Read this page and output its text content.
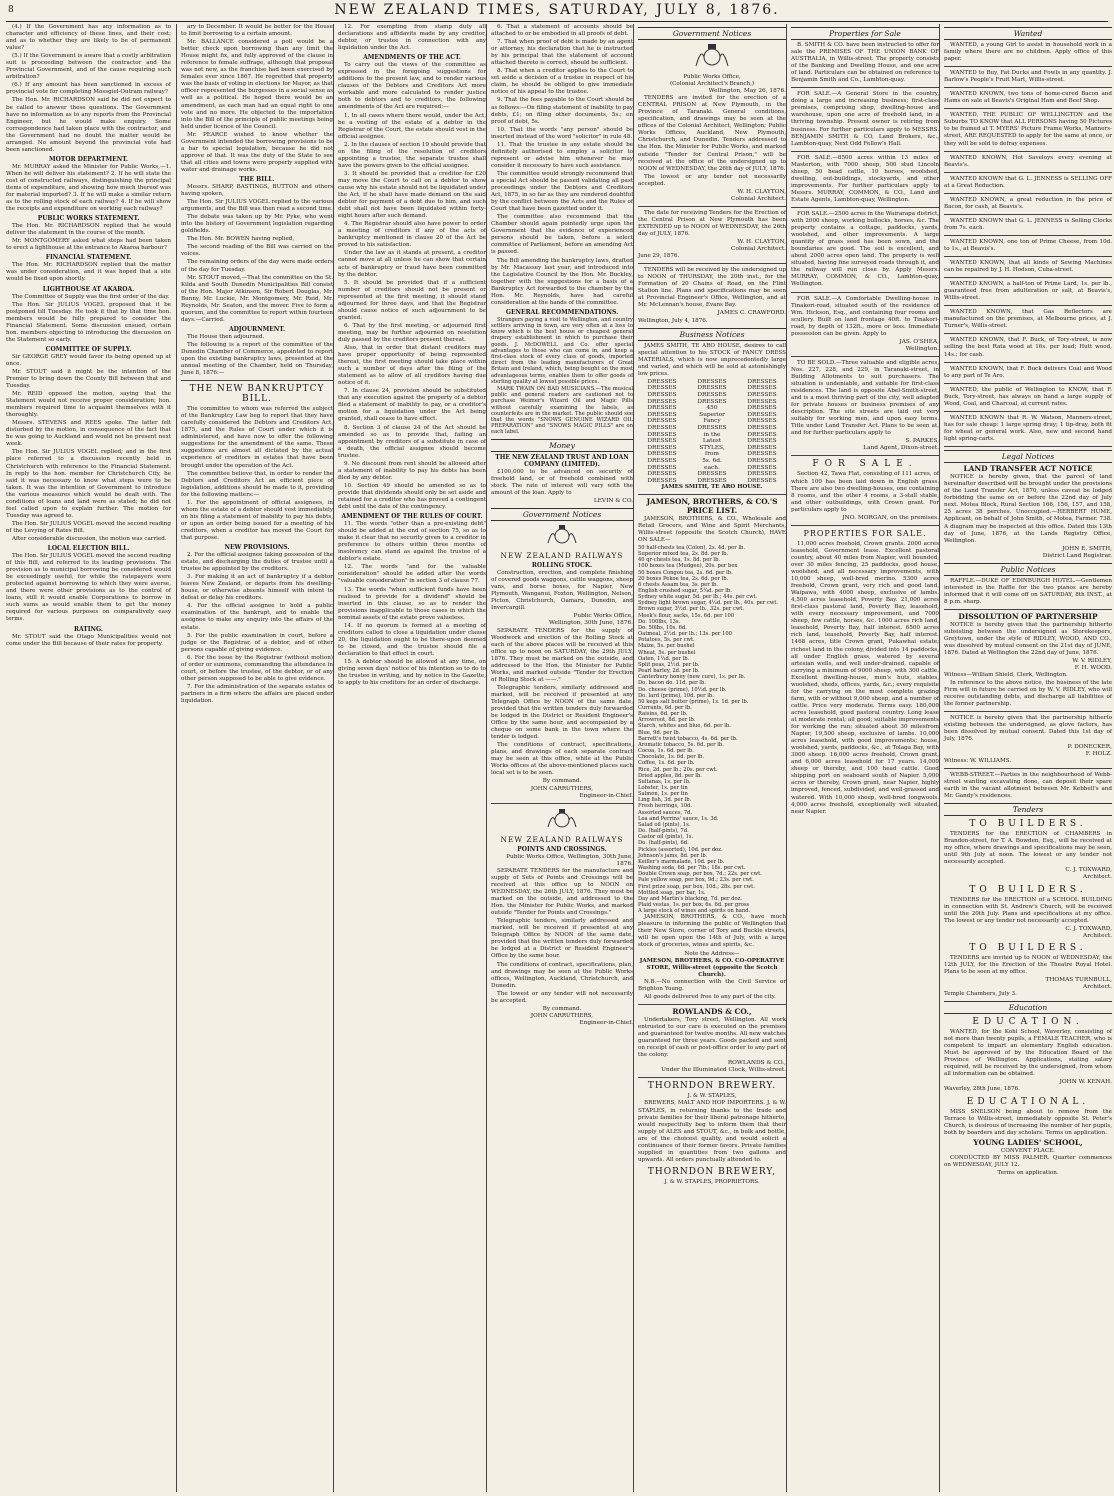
8	NEW ZEALAND TIMES, SATURDAY, JULY 8, 1876.

(4.) If the Government has any information as to character and efficiency of these lines, and their cost; and as to whether they are likely to be of permanent value?

(5.) If the Government is aware that a costly arbitration suit is proceeding between the contractor and the Provincial Government, and of the cause requiring such arbitration?

(6.) If any amount has been sanctioned in excess of provincial vote for completing Mossgiel-Outram railway?

The Hon. Mr. RICHARDSON said he did not expect to be called to answer these questions. The Government have no information as to any reports from the Provincial Engineer, but he would make enquiry. Some correspondence had taken place with the contractor, and the Government had no doubt the matter would be arranged. No amount beyond the provincial vote had been sanctioned.

MOTOR DEPARTMENT.

Mr. MURRAY asked the Minister for Public Works,—1. When he will deliver his statement? 2. If he will state the cost of constructed railways, distinguishing the principal items of expenditure, and showing how much thereof was for material imported? 3. If he will make a similar return as to the rolling stock of each railway? 4. If he will show the receipts and expenditure on working each railway?

PUBLIC WORKS STATEMENT.

The Hon. Mr. RICHARDSON replied that he would deliver the statement in the course of the month.

Mr. MONTGOMERY asked what steps had been taken to erect a lighthouse at the entrance to Akaroa harbour?

FINANCIAL STATEMENT.

The Hon. Mr. RICHARDSON replied that the matter was under consideration, and it was hoped that a site would be fixed upon shortly.

LIGHTHOUSE AT AKAROA.

The Committee of Supply was the first order of the day.

The Hon. Sir JULIUS VOGEL proposed that it be postponed till Tuesday. He took it that by that time hon. members would be fully prepared to consider the Financial Statement. Some discussion ensued, certain hon. members objecting to introducing the discussion on the Statement so early.

COMMITTEE OF SUPPLY.

Sir GEORGE GREY would favor its being opened up at once.

Mr. STOUT said it might be the intention of the Premier to bring down the County Bill between that and Tuesday.

Mr. REID opposed the motion, saying that the Statement would not receive proper consideration; hon. members required time to acquaint themselves with it thoroughly.

Messrs. STEVENS and REES spoke. The latter felt disturbed by the motion, in consequence of the fact that he was going to Auckland and would not be present next week.

The Hon. Sir JULIUS VOGEL replied; and in the first place referred to a discussion recently held in Christchurch with reference to the Financial Statement. In reply to the hon. member for Christchurch City, he said it was necessary to know what steps were to be taken. It was the intention of Government to introduce the various measures which would be dealt with. The conditions of loans and land were as stated; he did not feel called upon to explain further. The motion for Tuesday was agreed to.

The Hon. Sir JULIUS VOGEL moved the second reading of the Levying of Rates Bill.

After considerable discussion, the motion was carried.

LOCAL ELECTION BILL.

The Hon. Sir JULIUS VOGEL moved the second reading of this Bill, and referred to its leading provisions. The provision as to municipal borrowing be considered would be exceedingly useful, for while the ratepayers were protected against borrowing to which they were averse, and there were other provisions as to the control of loans, still it would enable Corporations to borrow in such sums as would enable them to get the money required for various purposes on comparatively easy terms.

RATING.

Mr. STOUT said the Otago Municipalities would not come under the Bill because of their rates for property.

ary to December. It would be better for the House to limit borrowing to a certain amount.

Mr. BALLANCE considered a poll would be a better check upon borrowing than any limit the House might fix, and fully approved of the clause in reference to female suffrage, although that proposal was not new, as the franchise had been exercised by females ever since 1867. He regretted that property was the basis of voting in elections for Mayor, as that officer represented the burgesses in a social sense as well as a political. He hoped there would be an amendment, as each man had an equal right to one vote and no more. He objected to the importation into the Bill of the principle of public meetings being held under licence of the Council.

Mr. PEARCE wished to know whether the Government intended the borrowing provisions to be a bar to special legislation, because he did not approve of that. It was the duty of the State to see that all cities and towns were properly supplied with water and drainage works.

THE BILL.

Messrs. SHARP, BASTINGS, BUTTON and others having spoken,

The Hon. Sir JULIUS VOGEL replied to the various arguments, and the Bill was then read a second time.

The debate was taken up by Mr. Pyke, who went into the history of Government legislation regarding goldfields.

The Hon. Mr. BOWEN having replied,

The second reading of the Bill was carried on the voices.

The remaining orders of the day were made orders of the day for Tuesday.

Mr. STOUT moved,—That the committee on the St. Kilda and South Dunedin Municipalities Bill consist of the Hon. Major Atkinson, Sir Robert Douglas, Mr. Bunny, Mr. Luckie, Mr. Montgomery, Mr. Reid, Mr. Reynolds, Mr. Seaton, and the mover. Five to form a quorum, and the committee to report within fourteen days.—Carried.

ADJOURNMENT.

The House then adjourned.

The following is a report of the committee of the Dunedin Chamber of Commerce, appointed to report upon the existing bankruptcy laws, presented at the annual meeting of the Chamber, held on Thursday, June 8, 1876:—

THE NEW BANKRUPTCY BILL.

The committee to whom was referred the subject of the Bankruptcy Law beg to report that they have carefully considered the Debtors and Creditors Act, 1875, and the Rules of Court under which it is administered, and have now to offer the following suggestions for the amendment of the same. These suggestions are almost all dictated by the actual experience of creditors in estates that have been brought under the operation of the Act.

The committee believe that, in order to render the Debtors and Creditors Act an efficient piece of legislation, additions should be made to it, providing for the following matters:—

1. For the appointment of official assignees, in whom the estate of a debtor should vest immediately on his filing a statement of inability to pay his debts, or upon an order being issued for a meeting of his creditors, when a creditor has moved the Court for that purpose.

NEW PROVISIONS.

2. For the official assignee taking possession of the estate, and discharging the duties of trustee until a trustee be appointed by the creditors.

3. For making it an act of bankruptcy if a debtor leaves New Zealand, or departs from his dwelling-house, or otherwise absents himself with intent to defeat or delay his creditors.

4. For the official assignee to hold a public examination of the bankrupt, and to enable the assignee to make any enquiry into the affairs of the estate.

5. For the public examination in court, before a judge or the Registrar, of a debtor, and of other persons capable of giving evidence.

6. For the issue by the Registrar (without motion) of order or summons, commanding the attendance in court, or before the trustee, of the debtor, or of any other person supposed to be able to give evidence.

7. For the administration of the separate estates of partners in a firm where the affairs are placed under liquidation.

12. For exempting from stamp duty all declarations and affidavits made by any creditor, debtor, or trustee in connection with any liquidation under the Act.

AMENDMENTS OF THE ACT.

To carry out the views of the committee as expressed in the foregoing suggestions for additions to the present law, and to render various clauses of the Debtors and Creditors Act more workable and more calculated to render justice both to debtors and to creditors, the following amendments of the Act are required:—

1. In all cases where there would, under the Act, be a vesting of the estate of a debtor in the Registrar of the Court, the estate should vest in the official assignee.

2. In the clauses of section 19 should provide that on the filing of the resolution of creditors appointing a trustee, the separate trustee shall have the powers given to the official assignee.

3. It should be provided that a creditor for £20 may move the Court to call on a debtor to show cause why his estate should not be liquidated under the Act, if he shall have made demand on the said debtor for payment of a debt due to him, and such debt shall not have been liquidated within forty-eight hours after such demand.

4. The Registrar should also have power to order a meeting of creditors if any of the acts of bankruptcy mentioned in clause 20 of the Act be proved to his satisfaction.

Under the law as it stands at present, a creditor cannot move at all unless he can show that certain acts of bankruptcy or fraud have been committed by the debtor.

5. It should be provided that if a sufficient number of creditors should not be present or represented at the first meeting, it should stand adjourned for three days, and that the Registrar should cause notice of such adjournment to be granted.

6. That by the first meeting, or adjourned first meeting, may be further adjourned on resolution duly passed by the creditors present thereat.

Also, that in order that distant creditors may have proper opportunity of being represented thereat, the first meeting should take place within such a number of days after the filing of the statement as to allow of all creditors having due notice of it.

7. In clause 24, provision should be substituted that any execution against the property of a debtor filed a statement of inability to pay, or a creditor's motion for a liquidation under the Act being granted, shall cease to have effect.

8. Section 3 of clause 24 of the Act should be amended so as to provide that, failing an appointment by creditors of a substitute in case of a death, the official assignee should become trustee.

9. No discount from rent should be allowed after a statement of inability to pay his debts has been filed by any debtor.

10. Section 49 should be amended so as to provide that dividends should only be set aside and retained for a creditor who has proved a contingent debt until the date of the contingency.

AMENDMENT OF THE RULES OF COURT.

11. The words "other than a pre-existing debt" should be added at the end of section 75, so as to make it clear that no security given to a creditor in preference to others within three months of insolvency can stand as against the trustee of a debtor's estate.

12. The words "and for the valuable consideration" should be added after the words "valuable consideration" in section 3 of clause 77.

13. The words "when sufficient funds have been realised to provide for a dividend" should be inserted in this clause, so as to render the provisions inapplicable to those cases in which the nominal assets of the estate prove valueless.

14. If no quorum is formed at a meeting of creditors called to close a liquidation under clause 20, the liquidation ought to be there-upon deemed to be closed, and the trustee should file a declaration to that effect in court.

15. A debtor should be allowed at any time, on giving seven days' notice of his intention so to do to the trustee in writing, and by notice in the Gazette, to apply to his creditors for an order of discharge.

6. That a statement of accounts should be attached to or be embodied in all proofs of debt.

7. That when proof of debt is made by an agent or attorney, his declaration that he is instructed by his principal that the statement of account attached thereto is correct, should be sufficient.

8. That when a creditor applies to the Court to set aside a decision of a trustee in respect of his claim, he should be obliged to give immediate notice of his appeal to the trustee.

9. That the fees payable to the Court should be as follows:—On filing statement of inability to pay debts, £1; on filing other documents, 5s.; on proof of debt, 5s.

10. That the words "any person" should be inserted instead of the word "solicitor" in rule 48.

11. That the trustee in any estate should be definitely authorised to employ a solicitor to represent or advise him whenever he may consider it necessary to have such assistance.

The committee would strongly recommend that a special Act should be passed validating all past proceedings under the Debtors and Creditors Act, 1875, in so far as they are rendered doubtful by the conflict between the Acts and the Rules of Court that have been gazetted under it.

The committee also recommend that the Chamber should again pointedly urge upon the Government that the evidence of experienced persons should be taken, before a select committee of Parliament, before an amending Act is passed.

The Bill amending the bankruptcy laws, drafted by Mr. Macassey last year, and introduced into the Legislative Council by the Hon. Mr. Buckley, together with the suggestions for a basis of a Bankruptcy Act forwarded to the chamber by the Hon. Mr. Reynolds, have had careful consideration at the hands of the committee.

GENERAL RECOMMENDATIONS.

Strangers paying a visit to Wellington, and country settlers arriving in town, are very often at a loss to know which is the best house or cheapest general drapery establishment in which to purchase their goods. J. McDOWELL and Co. offer special advantages to those who can come in, and keep a first-class stock of every class of goods, imported direct from the leading manufacturers of Great Britain and Ireland, which, being bought on the most advantageous terms, enables them to offer goods of sterling quality at lowest possible prices.

MARK TWAIN ON BAD MUSICIANS.—The musical public and general readers are cautioned not to purchase Weimer's Wizard Oil and Magic Pills without carefully examining the labels, as counterfeits are in the market. The public should see that the words "SNOWS GENUINE WIZARD OIL PREPARATION" and "SNOWS MAGIC PILLS" are on each label.

Money
THE NEW ZEALAND TRUST AND LOAN COMPANY (LIMITED).

£100,000 to be advanced on security of freehold land, or of freehold combined with stock. The rate of interest will vary with the amount of the loan. Apply to

LEVIN & CO.
Government Notices
NEW ZEALAND RAILWAYS
ROLLING STOCK.

Construction, erection, and complete finishing of covered goods waggons, cattle waggons, sheep vans, and horse boxes, for Napier, New Plymouth, Wanganui, Foxton, Wellington, Nelson, Picton, Christchurch, Oamaru, Dunedin, and Invercargill.

Public Works Office,
Wellington, 30th June, 1876.

SEPARATE TENDERS for the supply of Woodwork and erection of the Rolling Stock at each of the above places will be received at this office up to noon on SATURDAY, the 29th JULY, 1876. They must be marked on the outside, and addressed to the Hon. the Minister for Public Works, and marked outside "Tender for Erection of Rolling Stock at ——."

Telegraphic tenders, similarly addressed and marked, will be received if presented at any Telegraph Office by NOON of the same date, provided that the written tenders duly forwarded be lodged in the District or Resident Engineer's Office by the same hour, and accompanied by a cheque on some bank in the town where the tender is lodged.

The conditions of contract, specifications, plans, and drawings of each separate contract may be seen at this office, while at the Public Works offices at the above-mentioned places each local set is to be seen.

By command.
JOHN CARRUTHERS,
Engineer-in-Chief.
NEW ZEALAND RAILWAYS
POINTS AND CROSSINGS.
Public Works Office, Wellington, 30th June, 1876.

SEPARATE TENDERS for the manufacture and supply of Sets of Points and Crossings will be received at this office up to NOON on WEDNESDAY, the 26th JULY, 1876. They must be marked on the outside, and addressed to the Hon. the Minister for Public Works, and marked outside "Tender for Points and Crossings."

Telegraphic tenders, similarly addressed and marked, will be received if presented at any Telegraph Office by NOON of the same date, provided that the written tenders duly forwarded be lodged at a District or Resident Engineer's Office by the same hour.

The conditions of contract, specifications, plan, and drawings may be seen at the Public Works offices, Wellington, Auckland, Christchurch, and Dunedin.

The lowest or any tender will not necessarily be accepted.

By command.
JOHN CARRUTHERS,
Engineer-in-Chief.
Government Notices
Public Works Office,
(Colonial Architect's Branch,)
Wellington, May 26, 1876.

TENDERS are invited for the erection of a CENTRAL PRISON at New Plymouth, in the Province of Taranaki. General conditions, specification, and drawings may be seen at the offices of the Colonial Architect, Wellington; Public Works Offices, Auckland, New Plymouth, Christchurch, and Dunedin. Tenders addressed to the Hon. the Minister for Public Works, and marked outside "Tender for Central Prison," will be received at the office of the undersigned up to NOON of WEDNESDAY, the 26th day of JULY, 1876.

The lowest or any tender not necessarily accepted.

W. H. CLAYTON,
Colonial Architect.

The date for receiving Tenders for the Erection of the Central Prison at New Plymouth has been EXTENDED up to NOON of WEDNESDAY, the 26th day of JULY, 1876.

W. H. CLAYTON,
Colonial Architect.
June 29, 1876.

TENDERS will be received by the undersigned up to NOON of THURSDAY, the 20th inst., for the Formation of 20 Chains of Road, on the Flint Station line. Plans and specifications may be seen at Provincial Engineer's Office, Wellington, and at Mr. McLennan's house, Evans Bay.

JAMES C. CRAWFORD.
Wellington, July 4, 1876.
Business Notices

JAMES SMITH, TE ARO HOUSE, desires to call special attention to his STOCK of FANCY DRESS MATERIALS, which is now unprecedentedly large and varied, and which will be sold at astonishingly low prices.

DRESSES	DRESSES	DRESSES
DRESSES	DRESSES	DRESSES
DRESSES	DRESSES	DRESSES
DRESSES	DRESSES	DRESSES
DRESSES	450	DRESSES
DRESSES	Superior	DRESSES
DRESSES	Fancy	DRESSES
DRESSES	DRESSES	DRESSES
DRESSES	in the	DRESSES
DRESSES	Latest	DRESSES
DRESSES	STYLES,	DRESSES
DRESSES	from	DRESSES
DRESSES	5s. 6d.	DRESSES
DRESSES	each.	DRESSES
DRESSES	DRESSES	DRESSES
DRESSES	DRESSES	DRESSES
JAMES SMITH, TE ARO HOUSE.
JAMESON, BROTHERS, & CO.'S PRICE LIST.

JAMESON, BROTHERS, & CO., Wholesale and Retail Grocers, and Wine and Spirit Merchants, Willis-street (opposite the Scotch Church), HAVE ON SALE—

50 half-chests tea (Colon), 2s. 4d. per lb.
Superior mixed tea, 2s. 8d. per lb.
40 qr-chests tea, 1s. 8d. per lb.
100 boxes tea (Mudgee), 20s. per box
50 boxes Congou tea, 2s. 6d. per lb.
20 boxes Pekoe tea, 2s. 6d. per lb.
6 chests Assam tea, 3s. per lb.
English crushed sugar, 5¼d. per lb.
Sydney white sugar, 5d. per lb.; 44s. per cwt.
Sydney light brown sugar, 4¼d. per lb., 40s. per cwt.
Brown sugar, 3½d. per lb., 32s. per cwt.
Meek's flour, sacks, 15s. 6d. per 100
Do. 100lbs, 13s.
Do. 50lbs, 10s. 6d.
Oatmeal, 2½d. per lb.; 13s. per 100
Potatoes, 5s. per cwt.
Maize, 5s. per bushel
Wheat, 5s. per bushel
Oaten, 1¼d. per lb.
Split peas, 2½d. per lb.
Pearl barley, 2d. per lb.
Canterbury honey (new cure), 1s. per lb.
Do. bacon do. 11d. per lb.
Do. cheese (prime), 10½d. per lb.
Do. lard (prime), 10d. per lb.
50 kegs salt butter (prime), 1s. 1d. per lb.
Currants, 6d. per lb.
Raisins, 6d. per lb.
Arrowroot, 8d. per lb.
Starch, whites and blue, 6d. per lb.
Blue, 9d. per lb.
Barrett's twist tobacco, 4s. 6d. per lb.
Aromatic tobacco, 5s. 6d. per lb.
Cocoa, 1s. 6d. per lb.
Chocolate, 1s. 6d. per lb.
Coffee, 1s. 6d. per lb.
Rice, 2d. per lb.; 20s. per cwt.
Dried apples, 8d. per lb.
Sultanas, 1s. per lb.
Lobster, 1s. per tin
Salmon, 1s. per tin
Ling fish, 3d. per lb.
Fresh herrings, 10d.
Assorted sauces, 7d.
Lea and Perrins' sauce, 1s. 3d.
Salad oil (pints), 1s.
Do. (half-pints), 7d.
Castor oil (pints), 1s.
Do. (half-pints), 6d.
Pickles (assorted), 10d. per doz.
Johnson's jams, 8d. per lb.
Keiller's marmalade, 10d. per lb.
Washing soda, 6d. per 7lb.; 18s. per cwt.
Double Crown soap, per box, 7d.; 22s. per cwt.
Pale yellow soap, per box, 9d.; 23s. per cwt.
First prize soap, per box, 10d.; 28s. per cwt.
Mottled soap, per bar, 1s.
Day and Martin's blacking, 7d. per doz.
Plaid vestas, 1s. per box; 6s. 6d. per gross
A large stock of wines and spirits on hand.

JAMESON, BROTHERS, & CO., have much pleasure in informing the public of Wellington that their New Store, corner of Tory and Buckle streets, will be open upon the 14th of July, with a large stock of groceries, wines and spirits, &c.

Note the Address—
JAMESON, BROTHERS, & CO. CO-OPERATIVE STORE, Willis-street (opposite the Scotch Church).

N.B.—No connection with the Civil Service or Brighton Young.

All goods delivered free to any part of the city.

ROWLANDS & CO.,

Undertakers, Tory street, Wellington. All work entrusted to our care is executed on the premises and guaranteed for twelve months. All new watches guaranteed for three years. Goods packed and sent on receipt of cash or post-office order to any part of the colony.

ROWLANDS & CO.,
Under the Illuminated Clock, Willis-street.
THORNDON BREWERY.
J. & W. STAPLES,

BREWERS, MALT AND HOP IMPORTERS. J. & W. STAPLES, in returning thanks to the trade and private families for their liberal patronage hitherto, would respectfully beg to inform them that their supply of ALES and STOUT, &c., in bulk and bottle, are of the choicest quality, and would solicit a continuance of their former favors. Private families supplied in quantities from two gallons and upwards. All orders punctually attended to.

THORNDON BREWERY,
J. & W. STAPLES, PROPRIETORS.
Properties for Sale

B. SMITH & CO. have been instructed to offer for sale the PREMISES OF THE UNION BANK OF AUSTRALIA, in Willis-street. The property consists of the Banking and Dwelling House, and one acre of land. Particulars can be obtained on reference to Benjamin Smith and Co., Lambton-quay.

FOR SALE.—A General Store in the country, doing a large and increasing business; first-class premises, comprising shop, dwelling-house and warehouse, upon one acre of freehold land, in a thriving township. Present owner is retiring from business. For further particulars apply to MESSRS. BENJAMIN SMITH & CO, Land Brokers, &c., Lambton-quay, Next Odd Fellow's Hall.

FOR SALE.—8500 acres within 13 miles of Masterton, with 7000 sheep, 500 stud Lincoln sheep, 50 head cattle, 10 horses, woolshed, dwelling, out-buildings, stockyards, and other improvements. For further particulars apply to Messrs. MURRAY, COMMON, & CO., Land and Estate Agents, Lambton-quay, Wellington.

FOR SALE.—2500 acres in the Wairarapa district, with 2000 sheep, working bullocks, horses, &c. The property contains a cottage, paddocks, yards, woolshed, and other improvements. A large quantity of grass seed has been sown, and the boundaries are good. The soil is excellent, and about 2000 acres open land. The property is well situated, having fine surveyed roads through it, and the railway will run close by. Apply Messrs. MURRAY, COMMON, & CO., Lambton-quay, Wellington.

FOR SALE.—A Comfortable Dwelling-house in Tinakori-road, situated south of the residence of Wm. Hickson, Esq., and containing four rooms and scullery. Built on land frontage 40ft. to Tinakori-road, by depth of 132ft., more or less. Immediate possession can be given. Apply to

JAS. O'SHEA,
Wellington.

TO BE SOLD.—Three valuable and eligible acres, Nos. 227, 228, and 229, in Taranaki-street, in Building Allotments to suit purchasers. The situation is undeniable, and suitable for first-class residences. The land is opposite Abel-Smith-street, and is a most thriving part of the city, well adapted for private houses or business premises of any description. The site streets are laid out very suitably for working men, and upon easy terms. Title under Land Transfer Act. Plans to be seen at, and for further particulars apply to

S. PARKES,
Land Agent, Dixon-street.
FOR SALE.

Section 42, Tawa Flat, consisting of 111 acres, of which 100 has been laid down in English grass. There are also two dwelling-houses, one containing 8 rooms, and the other 4 rooms, a 3-stall stable, and other outbuildings, with Crown grant. For particulars apply to

JNO. MORGAN, on the premises.
PROPERTIES FOR SALE.

11,000 acres freehold, Crown grants. 2000 acres leasehold, Government lease. Excellent pastoral country, about 40 miles from Napier, well bounded, over 30 miles fencing, 25 paddocks, good house, woolshed, and all necessary improvements, with 10,000 sheep, well-bred merino. 5300 acres freehold, Crown grant, very rich and good land, Waipawa, with 4000 sheep, exclusive of lambs. 4,500 acres leasehold, Poverty Bay. 21,000 acres first-class pastoral land, Poverty Bay, leasehold, with every necessary improvement, and 7000 sheep, few cattle, horses, &c. 1000 acres rich land, leasehold, Poverty Bay, half interest. 6500 acres rich land, leasehold, Poverty Bay, half interest. 1468 acres, title Crown grant, Pukawhai estate; richest land in the colony, divided into 14 paddocks, all under English grass, watered by several artesian wells, and well under-drained, capable of carrying a minimum of 9000 sheep, with 300 cattle. Excellent dwelling-house, men's huts, stables, woolshed, sheds, offices, yards, &c.; every requisite for the carrying on the most complete grazing farm, with or without 9,000 sheep, and a number of cattle. Price very moderate. Terms easy. 180,000 acres leasehold, good pastoral country. Long lease at moderate rental; all good; suitable improvements for working the run; situated about 30 milesfrom Napier, 19,500 sheep, exclusive of lambs. 10,000 acres leasehold, with good improvements; house, woolshed, yards, paddocks, &c., at Tolaga Bay, with 3000 sheep. 16,000 acres freehold, Crown grant, and 6,000 acres leasehold for 17 years. 14,000 sheep or thereby, and 100 head cattle. Good shipping port on seaboard south of Napier. 5,000 acres or thereby, Crown grant, near Napier, highly improved, fenced, subdivided, and well-grassed and watered. With 10,000 sheep, well-bred longwools. 4,000 acres freehold, exceptionally well situated, near Napier.

Wanted

WANTED, a young Girl to assist in household work in a family where there are no children. Apply office of this paper.

WANTED to Buy, Fat Ducks and Fowls in any quantity. J. Barlow's People's Fruit Mart, Willis-street.

WANTED KNOWN, two tons of home-cured Bacon and Hams on sale at Beavis's Original Ham and Beef Shop.

WANTED, THE PUBLIC OF WELLINGTON and the Suburbs TO KNOW that ALL PERSONS having 50 Pictures to be framed at T. MYERS' Picture Frame Works, Manners-street, ARE REQUESTED to apply for the same at once, or they will be sold to defray expenses.

WANTED KNOWN, Hot Saveloys every evening at Beavis's.

WANTED KNOWN that G. L. JENNESS is SELLING OFF at a Great Reduction.

WANTED KNOWN, a great reduction in the price of Bacon, for cash, at Beavis's.

WANTED KNOWN that G. L. JENNESS is Selling Clocks from 7s. each.

WANTED KNOWN, one ton of Prime Cheese, from 10d. to 1s., at Beavis's.

WANTED KNOWN, that all kinds of Sewing Machines can be repaired by J. H. Hodson, Cuba-street.

WANTED KNOWN, a half-ton of Prime Lard, 1s. per lb., guaranteed free from adulteration or salt, at Beavis's, Willis-street.

WANTED KNOWN, that Gas Reflectors are manufactured on the premises, at Melbourne prices, at J. Turner's, Willis-street.

WANTED KNOWN, that F. Buck, of Tory-street, is now selling the best Rata wood at 16s. per load; Hutt wood, 14s.; for cash.

WANTED KNOWN, that F. Buck delivers Coal and Wood to any part of Te Aro.

WANTED, the public of Wellington to KNOW, that F. Buck, Tory-street, has always on hand a large supply of Wood, Coal, and Charcoal, at current rates.

WANTED KNOWN that R. W. Watson, Manners-street, has for sale cheap: 1 large spring dray; 1 tip-dray, both fit for wheat or general work. Also, new and second hand light spring-carts.

Legal Notices
LAND TRANSFER ACT NOTICE

NOTICE is hereby given, that the parcel of land hereinafter described will be brought under the provisions of the Land Transfer Act, 1870, unless caveat be lodged forbidding the same on or before the 22nd day of July next. Motea Block, Rural Section 166, 156, 157, and 158, 25 acres 38 perches. Unoccupied.—HERBERT HUME, Applicant, on behalf of John Smith, of Motea, Farmer. 738. A diagram may be inspected at this office. Dated this 13th day of June, 1876, at the Lands Registry Office, Wellington.

JOHN E. SMITH,
District Land Registrar.
Public Notices

RAFFLE.—DUKE OF EDINBURGH HOTEL.—Gentlemen interested in the Raffle for the two pianos are hereby informed that it will come off on SATURDAY, 8th INST., at 8 p.m. sharp.

DISSOLUTION OF PARTNERSHIP

NOTICE is hereby given that the partnership hitherto subsisting between the undersigned as Storekeepers, Greytown, under the style of RIDLEY, WOOD, AND CO., was dissolved by mutual consent on the 21st day of JUNE, 1876. Dated at Wellington the 22nd day of June, 1876.

W. V. RIDLEY,
F. H. WOOD.
Witness—William Shield, Clerk, Wellington.

In reference to the above notice, the business of the late Firm will in future be carried on by W. V. RIDLEY, who will receive outstanding debts, and discharge all liabilities of the former partnership.

NOTICE is hereby given that the partnership hitherto existing between the undersigned, as glove factors, has been dissolved by mutual consent. Dated this 1st day of July, 1876.

P. DONECKER,
F. HOLZ.
Witness: W. WILLIAMS.

WEBB-STREET.—Parties in the neighbourhood of Webb-street wanting excavating done, can deposit their spare earth in the vacant allotment between Mr. Kebbell's and Mr. Gandy's residences.

Tenders
TO BUILDERS.

TENDERS for the ERECTION of CHAMBERS in Brandon-street, for T. A. Bowden, Esq., will be received at my office, where drawings and specifications may be seen, until 9th July at noon. The lowest or any tender not necessarily accepted.

C. J. TOXWARD,
Architect.
TO BUILDERS.

TENDERS for the ERECTION of a SCHOOL BUILDING in connection with St. Andrew's Church, will be received until the 20th July. Plans and specifications at my office. The lowest or any tender not necessarily accepted.

C. J. TOXWARD,
Architect.
TO BUILDERS.

TENDERS are invited up to NOON of WEDNESDAY, the 12th JULY, for the Erection of the Theatre Royal Hotel. Plans to be seen at my office.

THOMAS TURNBULL,
Architect.
Temple Chambers, July 3.
Education
EDUCATION.

WANTED, for the Kohl School, Waverley, consisting of not more than twenty pupils, a FEMALE TEACHER, who is competent to impart an elementary English education. Must be approved of by the Education Board of the Province of Wellington. Applications, stating salary required, will be received by the undersigned, from whom all information can be obtained.

JOHN W. KENAH.
Waverley, 28th June, 1876.
EDUCATIONAL.

MISS SNELSON being about to remove from the Terrace to Willis-street, immediately opposite St. Peter's Church, is desirous of increasing the number of her pupils, both by boarders and day scholars. Terms on application.

YOUNG LADIES' SCHOOL,
CONVENT PLACE.

CONDUCTED BY MISS PALMER. Quarter commences on WEDNESDAY, JULY 12.

Terms on application.
